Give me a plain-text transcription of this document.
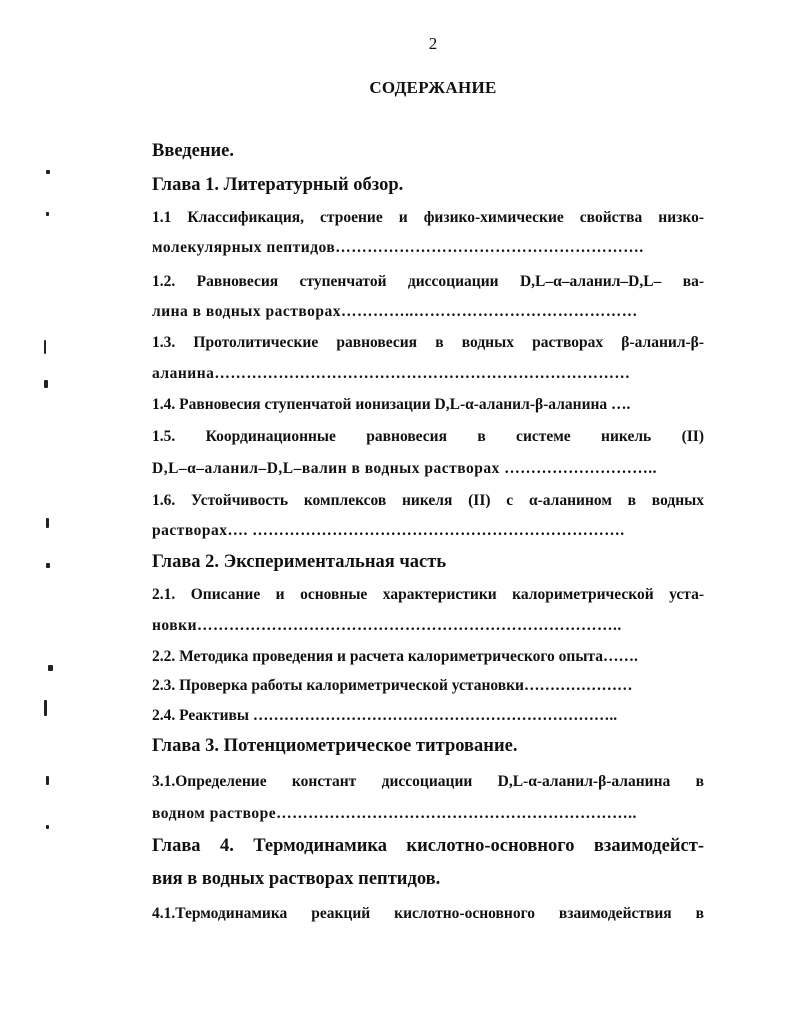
2
СОДЕРЖАНИЕ
Введение.
Глава 1. Литературный обзор.
1.1 Классификация, строение и физико-химические свойства низко-
молекулярных пептидов………………………………………………….
1.2. Равновесия ступенчатой диссоциации D,L–α–аланил–D,L– ва-
лина в водных растворах…………..……………………………………
1.3. Протолитические равновесия в водных растворах β-аланил-β-
аланина……………………………………………………………………
1.4. Равновесия ступенчатой ионизации D,L-α-аланил-β-аланина ….
1.5. Координационные равновесия в системе никель (II)
D,L–α–аланил–D,L–валин в водных растворах ………………………..
1.6. Устойчивость комплексов никеля (II) с α-аланином в водных
растворах…. …………………………………………………………….
Глава 2. Экспериментальная часть
2.1. Описание и основные характеристики калориметрической уста-
новки……………………………………………………………………..
2.2. Методика проведения и расчета калориметрического опыта…….
2.3. Проверка работы калориметрической установки…………………
2.4. Реактивы ……………………………………………………………..
Глава 3. Потенциометрическое титрование.
3.1.Определение констант диссоциации D,L-α-аланил-β-аланина в
водном растворе…………………………………………………………..
Глава 4. Термодинамика кислотно-основного взаимодейст-
вия в водных растворах пептидов.
4.1.Термодинамика реакций кислотно-основного взаимодействия в
